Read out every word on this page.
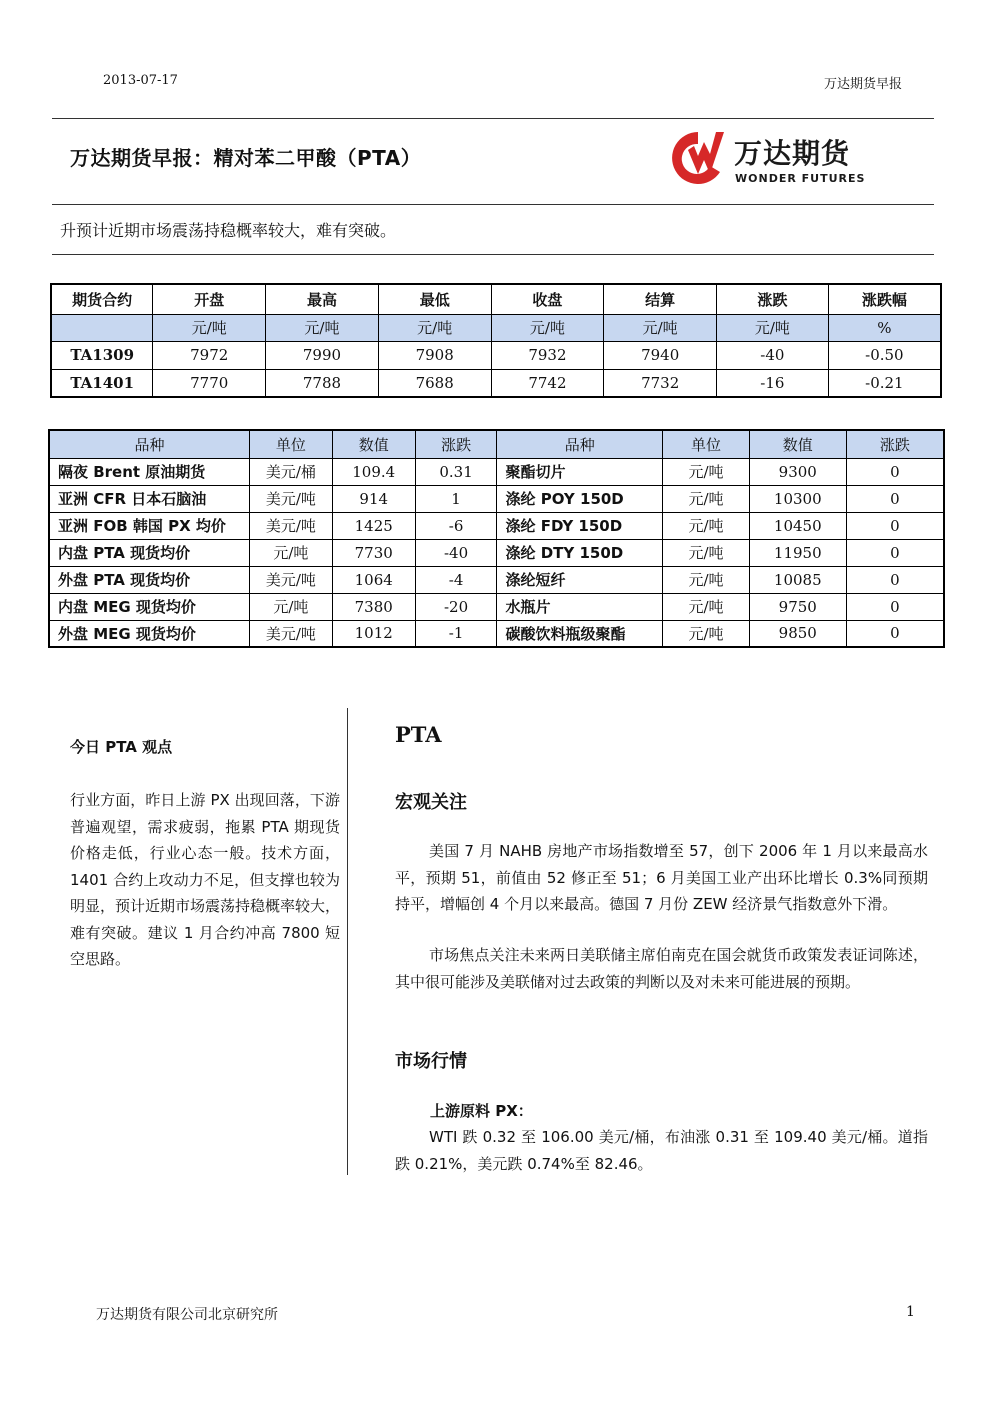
2013-07-17	万达期货早报
万达期货早报：精对苯二甲酸（PTA）	万达期货
WONDER FUTURES
升预计近期市场震荡持稳概率较大，难有突破。
期货合约	开盘	最高	最低	收盘	结算	涨跌	涨跌幅
	元/吨	元/吨	元/吨	元/吨	元/吨	元/吨	%
TA1309	7972	7990	7908	7932	7940	-40	-0.50
TA1401	7770	7788	7688	7742	7732	-16	-0.21
品种	单位	数值	涨跌	品种	单位	数值	涨跌
隔夜 Brent 原油期货	美元/桶	109.4	0.31	聚酯切片	元/吨	9300	0
亚洲 CFR 日本石脑油	美元/吨	914	1	涤纶 POY 150D	元/吨	10300	0
亚洲 FOB 韩国 PX 均价	美元/吨	1425	-6	涤纶 FDY 150D	元/吨	10450	0
内盘 PTA 现货均价	元/吨	7730	-40	涤纶 DTY 150D	元/吨	11950	0
外盘 PTA 现货均价	美元/吨	1064	-4	涤纶短纤	元/吨	10085	0
内盘 MEG 现货均价	元/吨	7380	-20	水瓶片	元/吨	9750	0
外盘 MEG 现货均价	美元/吨	1012	-1	碳酸饮料瓶级聚酯	元/吨	9850	0
今日 PTA 观点
行业方面，昨日上游 PX 出现回落，下游普遍观望，需求疲弱，拖累 PTA 期现货价格走低，行业心态一般。技术方面， 1401 合约上攻动力不足，但支撑也较为明显，预计近期市场震荡持稳概率较大，难有突破。建议 1 月合约冲高 7800 短空思路。
PTA
宏观关注
美国 7 月 NAHB 房地产市场指数增至 57，创下 2006 年 1 月以来最高水平，预期 51，前值由 52 修正至 51；6 月美国工业产出环比增长 0.3%同预期持平，增幅创 4 个月以来最高。德国 7 月份 ZEW 经济景气指数意外下滑。
市场焦点关注未来两日美联储主席伯南克在国会就货币政策发表证词陈述，其中很可能涉及美联储对过去政策的判断以及对未来可能进展的预期。
市场行情
上游原料 PX：
WTI 跌 0.32 至 106.00 美元/桶，布油涨 0.31 至 109.40 美元/桶。道指跌 0.21%，美元跌 0.74%至 82.46。
万达期货有限公司北京研究所	1
